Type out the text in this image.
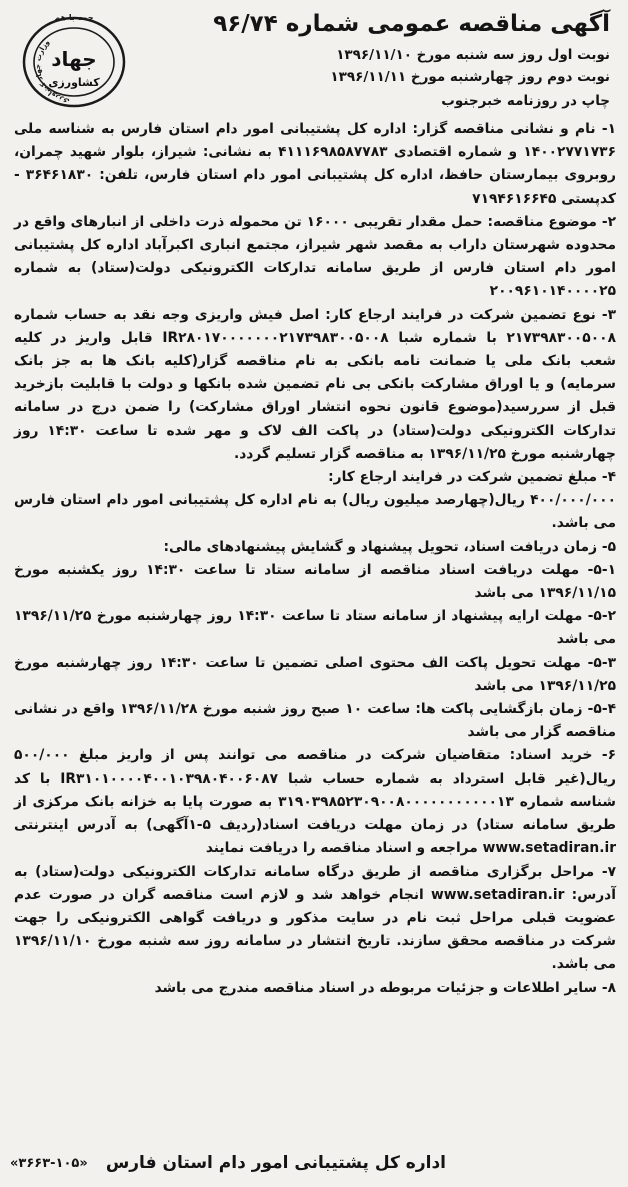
آگهی مناقصه عمومی شماره ۹۶/۷۴
نوبت اول روز سه شنبه مورخ ۱۳۹۶/۱۱/۱۰
نوبت دوم روز چهارشنبه مورخ ۱۳۹۶/۱۱/۱۱
چاپ در روزنامه خبرجنوب
وزارت جهاد کشاورزی
حمه با هم
جهاد
کشاورزی

۱- نام و نشانی مناقصه گزار: اداره کل پشتیبانی امور دام استان فارس به شناسه ملی ۱۴۰۰۲۷۷۱۷۳۶ و شماره اقتصادی ۴۱۱۱۶۹۸۵۸۷۷۸۳ به نشانی: شیراز، بلوار شهید چمران، روبروی بیمارستان حافظ، اداره کل پشتیبانی امور دام استان فارس، تلفن: ۳۶۴۶۱۸۳۰ - کدپستی ۷۱۹۴۶۱۶۶۴۵

۲- موضوع مناقصه: حمل مقدار تقریبی ۱۶۰۰۰ تن محموله ذرت داخلی از انبارهای واقع در محدوده شهرستان داراب به مقصد شهر شیراز، مجتمع انباری اکبرآباد اداره کل پشتیبانی امور دام استان فارس از طریق سامانه تدارکات الکترونیکی دولت(ستاد) به شماره ۲۰۰۹۶۱۰۱۴۰۰۰۰۲۵

۳- نوع تضمین شرکت در فرایند ارجاع کار: اصل فیش واریزی وجه نقد به حساب شماره ۲۱۷۳۹۸۳۰۰۵۰۰۸ با شماره شبا IR۲۸۰۱۷۰۰۰۰۰۰۰۲۱۷۳۹۸۳۰۰۵۰۰۸ قابل واریز در کلیه شعب بانک ملی یا ضمانت نامه بانکی به نام مناقصه گزار(کلیه بانک ها به جز بانک سرمایه) و یا اوراق مشارکت بانکی بی نام تضمین شده بانکها و دولت با قابلیت بازخرید قبل از سررسید(موضوع قانون نحوه انتشار اوراق مشارکت) را ضمن درج در سامانه تدارکات الکترونیکی دولت(ستاد) در پاکت الف لاک و مهر شده تا ساعت ۱۴:۳۰ روز چهارشنبه مورخ ۱۳۹۶/۱۱/۲۵ به مناقصه گزار تسلیم گردد.

۴- مبلغ تضمین شرکت در فرایند ارجاع کار:

۴۰۰/۰۰۰/۰۰۰ ریال(چهارصد میلیون ریال) به نام اداره کل پشتیبانی امور دام استان فارس می باشد.

۵- زمان دریافت اسناد، تحویل پیشنهاد و گشایش پیشنهادهای مالی:

۵-۱- مهلت دریافت اسناد مناقصه از سامانه ستاد تا ساعت ۱۴:۳۰ روز یکشنبه مورخ ۱۳۹۶/۱۱/۱۵ می باشد

۵-۲- مهلت ارایه پیشنهاد از سامانه ستاد تا ساعت ۱۴:۳۰ روز چهارشنبه مورخ ۱۳۹۶/۱۱/۲۵ می باشد

۵-۳- مهلت تحویل پاکت الف محتوی اصلی تضمین تا ساعت ۱۴:۳۰ روز چهارشنبه مورخ ۱۳۹۶/۱۱/۲۵ می باشد

۵-۴- زمان بازگشایی پاکت ها: ساعت ۱۰ صبح روز شنبه مورخ ۱۳۹۶/۱۱/۲۸ واقع در نشانی مناقصه گزار می باشد

۶- خرید اسناد: متقاضیان شرکت در مناقصه می توانند پس از واریز مبلغ ۵۰۰/۰۰۰ ریال(غیر قابل استرداد به شماره حساب شبا IR۳۱۰۱۰۰۰۰۴۰۰۱۰۳۹۸۰۴۰۰۶۰۸۷ با کد شناسه شماره ۳۱۹۰۳۹۸۵۲۳۰۹۰۰۸۰۰۰۰۰۰۰۰۰۰۰۱۳ به صورت پایا به خزانه بانک مرکزی از طریق سامانه ستاد) در زمان مهلت دریافت اسناد(ردیف ۵-۱آگهی) به آدرس اینترنتی www.setadiran.ir مراجعه و اسناد مناقصه را دریافت نمایند

۷- مراحل برگزاری مناقصه از طریق درگاه سامانه تدارکات الکترونیکی دولت(ستاد) به آدرس: www.setadiran.ir انجام خواهد شد و لازم است مناقصه گران در صورت عدم عضویت قبلی مراحل ثبت نام در سایت مذکور و دریافت گواهی الکترونیکی را جهت شرکت در مناقصه محقق سازند. تاریخ انتشار در سامانه روز سه شنبه مورخ ۱۳۹۶/۱۱/۱۰ می باشد.

۸- سایر اطلاعات و جزئیات مربوطه در اسناد مناقصه مندرج می باشد

اداره کل پشتیبانی امور دام استان فارس
«۳۶۶۳-۱۰۵»
